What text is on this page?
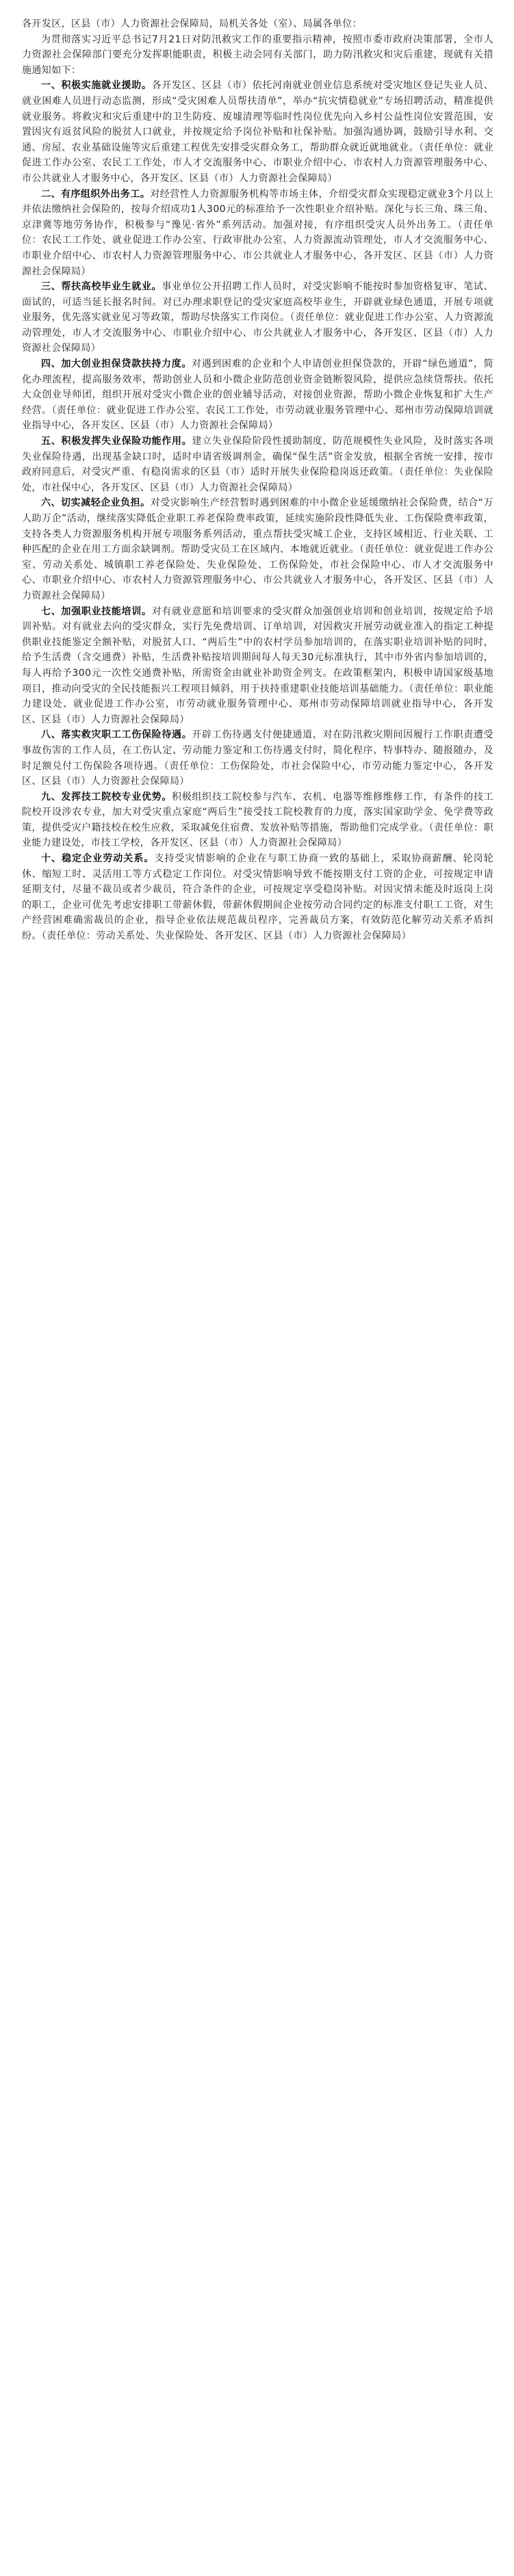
各开发区，区县（市）人力资源社会保障局，局机关各处（室）、局属各单位：

为贯彻落实习近平总书记7月21日对防汛救灾工作的重要指示精神，按照市委市政府决策部署，全市人力资源社会保障部门要充分发挥职能职责，积极主动会同有关部门，助力防汛救灾和灾后重建，现就有关措施通知如下：

一、积极实施就业援助。各开发区、区县（市）依托河南就业创业信息系统对受灾地区登记失业人员、就业困难人员进行动态监测，形成“受灾困难人员帮扶清单”，举办“抗灾情稳就业”专场招聘活动，精准提供就业服务。将救灾和灾后重建中的卫生防疫、废墟清理等临时性岗位优先向入乡村公益性岗位安置范围，安置因灾有返贫风险的脱贫人口就业，并按规定给予岗位补贴和社保补贴。加强沟通协调，鼓励引导水利、交通、房屋、农业基础设施等灾后重建工程优先安排受灾群众务工，帮助群众就近就地就业。（责任单位：就业促进工作办公室、农民工工作处，市人才交流服务中心、市职业介绍中心、市农村人力资源管理服务中心、市公共就业人才服务中心，各开发区、区县（市）人力资源社会保障局）

二、有序组织外出务工。对经营性人力资源服务机构等市场主体，介绍受灾群众实现稳定就业3个月以上并依法缴纳社会保险的，按每介绍成功1人300元的标准给予一次性职业介绍补贴。深化与长三角、珠三角、京津冀等地劳务协作，积极参与“豫见·省外”系列活动。加强对接，有序组织受灾人员外出务工。（责任单位：农民工工作处、就业促进工作办公室、行政审批办公室、人力资源流动管理处，市人才交流服务中心、市职业介绍中心、市农村人力资源管理服务中心、市公共就业人才服务中心，各开发区、区县（市）人力资源社会保障局）

三、帮扶高校毕业生就业。事业单位公开招聘工作人员时，对受灾影响不能按时参加资格复审、笔试、面试的，可适当延长报名时间。对已办理求职登记的受灾家庭高校毕业生，开辟就业绿色通道，开展专项就业服务，优先落实就业见习等政策，帮助尽快落实工作岗位。（责任单位：就业促进工作办公室、人力资源流动管理处，市人才交流服务中心、市职业介绍中心、市公共就业人才服务中心，各开发区、区县（市）人力资源社会保障局）

四、加大创业担保贷款扶持力度。对遇到困难的企业和个人申请创业担保贷款的，开辟“绿色通道”，简化办理流程，提高服务效率，帮助创业人员和小微企业防范创业资金链断裂风险，提供应急续贷帮扶。依托大众创业导师团，组织开展对受灾小微企业的创业辅导活动，对接创业资源，帮助小微企业恢复和扩大生产经营。（责任单位：就业促进工作办公室、农民工工作处，市劳动就业服务管理中心、郑州市劳动保障培训就业指导中心，各开发区、区县（市）人力资源社会保障局）

五、积极发挥失业保险功能作用。建立失业保险阶段性援助制度，防范规模性失业风险，及时落实各项失业保险待遇，出现基金缺口时，适时申请省级调剂金，确保“保生活”资金发放，根据全省统一安排，按市政府同意后，对受灾严重、有稳岗需求的区县（市）适时开展失业保险稳岗返还政策。（责任单位：失业保险处，市社保中心，各开发区、区县（市）人力资源社会保障局）

六、切实减轻企业负担。对受灾影响生产经营暂时遇到困难的中小微企业延缓缴纳社会保险费，结合“万人助万企”活动，继续落实降低企业职工养老保险费率政策，延续实施阶段性降低失业、工伤保险费率政策，支持各类人力资源服务机构开展专项服务系列活动，重点帮扶受灾城工企业，支持区域相近、行业关联、工种匹配的企业在用工方面余缺调剂。帮助受灾员工在区域内、本地就近就业。（责任单位：就业促进工作办公室、劳动关系处、城镇职工养老保险处、失业保险处、工伤保险处，市社会保险中心、市人才交流服务中心、市职业介绍中心、市农村人力资源管理服务中心、市公共就业人才服务中心，各开发区、区县（市）人力资源社会保障局）

七、加强职业技能培训。对有就业意愿和培训要求的受灾群众加强创业培训和创业培训，按规定给予培训补贴。对有就业去向的受灾群众，实行先免费培训、订单培训，对因救灾开展劳动就业准入的指定工种提供职业技能鉴定全额补贴，对脱贫人口、“两后生”中的农村学员参加培训的，在落实职业培训补贴的同时，给予生活费（含交通费）补贴，生活费补贴按培训期间每人每天30元标准执行，其中市外省内参加培训的，每人再给予300元一次性交通费补贴，所需资金由就业补助资金列支。在政策框架内，积极申请国家级基地项目，推动向受灾的全民技能振兴工程项目倾斜，用于扶持重建职业技能培训基础能力。（责任单位：职业能力建设处、就业促进工作办公室，市劳动就业服务管理中心、郑州市劳动保障培训就业指导中心，各开发区、区县（市）人力资源社会保障局）

八、落实救灾职工工伤保险待遇。开辟工伤待遇支付便捷通道，对在防汛救灾期间因履行工作职责遭受事故伤害的工作人员，在工伤认定、劳动能力鉴定和工伤待遇支付时，简化程序、特事特办、随报随办，及时足额兑付工伤保险各项待遇。（责任单位：工伤保险处，市社会保险中心，市劳动能力鉴定中心，各开发区、区县（市）人力资源社会保障局）

九、发挥技工院校专业优势。积极组织技工院校参与汽车、农机、电器等维修维修工作，有条件的技工院校开设涉农专业，加大对受灾重点家庭“两后生”接受技工院校教育的力度，落实国家助学金、免学费等政策，提供受灾户籍技校在校生应救，采取减免住宿费、发放补贴等措施，帮助他们完成学业。（责任单位：职业能力建设处，市技工学校，各开发区、区县（市）人力资源社会保障局）

十、稳定企业劳动关系。支持受灾情影响的企业在与职工协商一致的基础上，采取协商薪酬、轮岗轮休、缩短工时、灵活用工等方式稳定工作岗位。对受灾情影响导致不能按期支付工资的企业，可按规定申请延期支付，尽量不裁员或者少裁员，符合条件的企业，可按规定享受稳岗补贴。对因灾情未能及时返岗上岗的职工，企业可优先考虑安排职工带薪休假，带薪休假期间企业按劳动合同约定的标准支付职工工资，对生产经营困难确需裁员的企业，指导企业依法规范裁员程序，完善裁员方案，有效防范化解劳动关系矛盾纠纷。（责任单位：劳动关系处、失业保险处、各开发区、区县（市）人力资源社会保障局）
